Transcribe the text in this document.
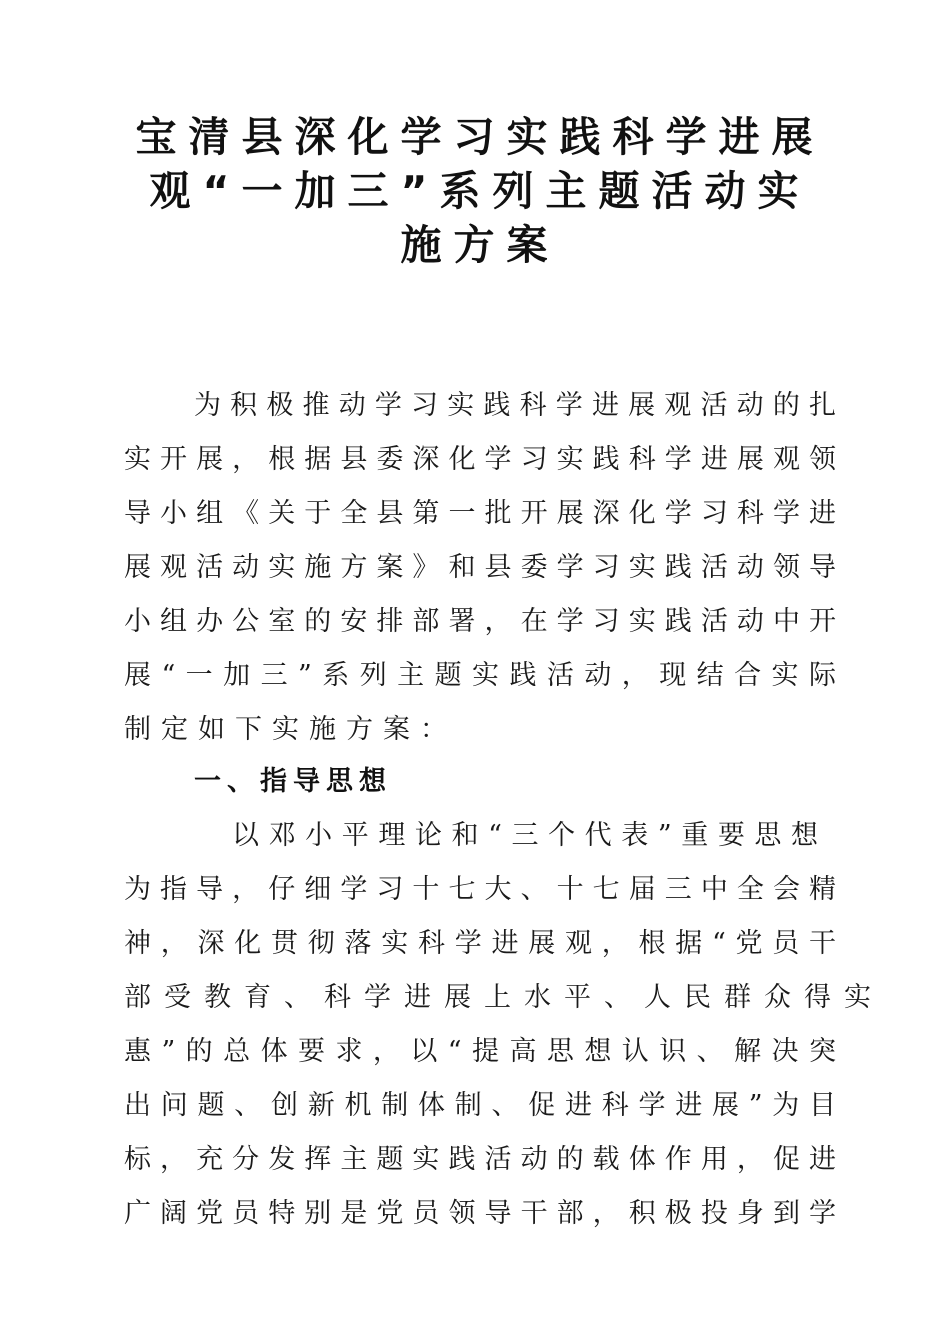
宝清县深化学习实践科学进展
观“一加三”系列主题活动实
施方案
为积极推动学习实践科学进展观活动的扎
实开展，根据县委深化学习实践科学进展观领
导小组《关于全县第一批开展深化学习科学进
展观活动实施方案》和县委学习实践活动领导
小组办公室的安排部署，在学习实践活动中开
展“一加三”系列主题实践活动，现结合实际
制定如下实施方案：
一、指导思想
以邓小平理论和“三个代表”重要思想
为指导，仔细学习十七大、十七届三中全会精
神，深化贯彻落实科学进展观，根据“党员干
部受教育、科学进展上水平、人民群众得实
惠”的总体要求，以“提高思想认识、解决突
出问题、创新机制体制、促进科学进展”为目
标，充分发挥主题实践活动的载体作用，促进
广阔党员特别是党员领导干部，积极投身到学
